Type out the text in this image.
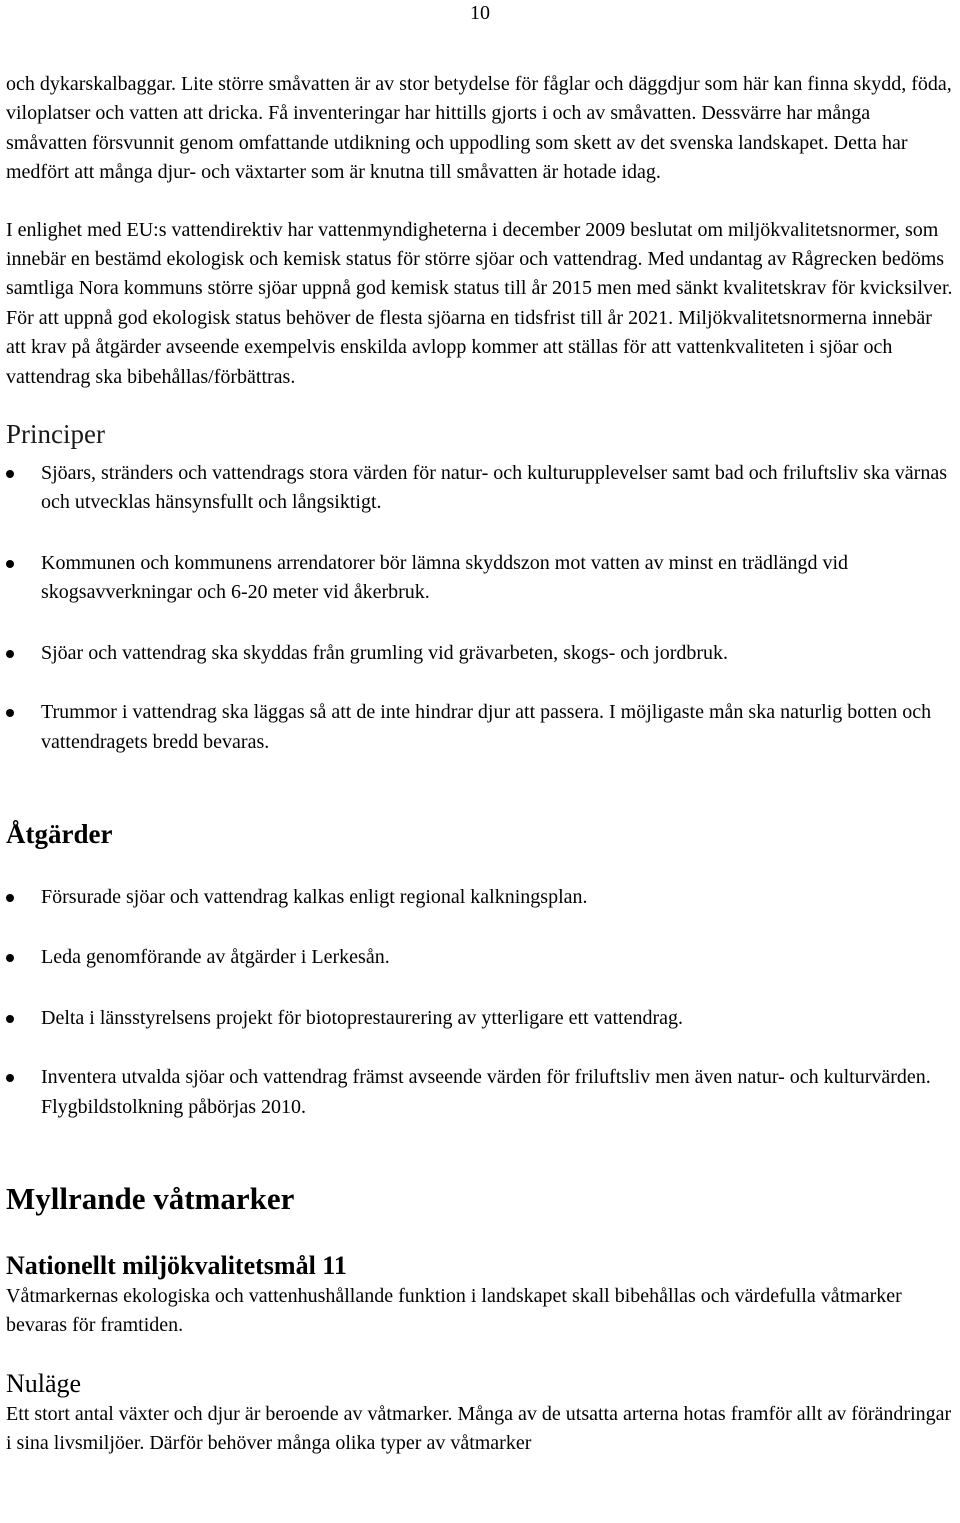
10

och dykarskalbaggar. Lite större småvatten är av stor betydelse för fåglar och däggdjur som här kan finna skydd, föda, viloplatser och vatten att dricka. Få inventeringar har hittills gjorts i och av småvatten. Dessvärre har många småvatten försvunnit genom omfattande utdikning och uppodling som skett av det svenska landskapet. Detta har medfört att många djur- och växtarter som är knutna till småvatten är hotade idag.

I enlighet med EU:s vattendirektiv har vattenmyndigheterna i december 2009 beslutat om miljökvalitetsnormer, som innebär en bestämd ekologisk och kemisk status för större sjöar och vattendrag. Med undantag av Rågrecken bedöms samtliga Nora kommuns större sjöar uppnå god kemisk status till år 2015 men med sänkt kvalitetskrav för kvicksilver. För att uppnå god ekologisk status behöver de flesta sjöarna en tidsfrist till år 2021. Miljökvalitetsnormerna innebär att krav på åtgärder avseende exempelvis enskilda avlopp kommer att ställas för att vattenkvaliteten i sjöar och vattendrag ska bibehållas/förbättras.

Principer
Sjöars, stränders och vattendrags stora värden för natur- och kulturupplevelser samt bad och friluftsliv ska värnas och utvecklas hänsynsfullt och långsiktigt.
Kommunen och kommunens arrendatorer bör lämna skyddszon mot vatten av minst en trädlängd vid skogsavverkningar och 6-20 meter vid åkerbruk.
Sjöar och vattendrag ska skyddas från grumling vid grävarbeten, skogs- och jordbruk.
Trummor i vattendrag ska läggas så att de inte hindrar djur att passera. I möjligaste mån ska naturlig botten och vattendragets bredd bevaras.
Åtgärder
Försurade sjöar och vattendrag kalkas enligt regional kalkningsplan.
Leda genomförande av åtgärder i Lerkesån.
Delta i länsstyrelsens projekt för biotoprestaurering av ytterligare ett vattendrag.
Inventera utvalda sjöar och vattendrag främst avseende värden för friluftsliv men även natur- och kulturvärden. Flygbildstolkning påbörjas 2010.
Myllrande våtmarker
Nationellt miljökvalitetsmål 11

Våtmarkernas ekologiska och vattenhushållande funktion i landskapet skall bibehållas och värdefulla våtmarker bevaras för framtiden.

Nuläge

Ett stort antal växter och djur är beroende av våtmarker. Många av de utsatta arterna hotas framför allt av förändringar i sina livsmiljöer. Därför behöver många olika typer av våtmarker
